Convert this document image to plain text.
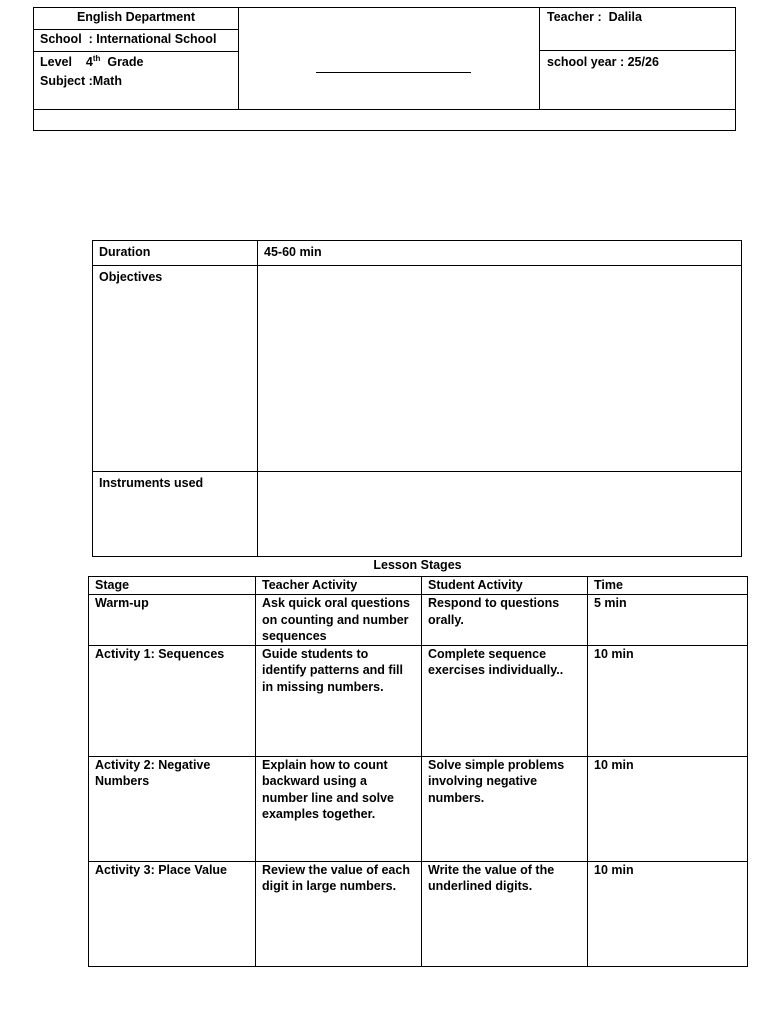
English Department
School  : International School
Level 4th Grade
Subject :Math
Teacher : Dalila
school year : 25/26
Duration	45-60 min
Objectives	
Instruments used	
Lesson Stages
Stage	Teacher Activity	Student Activity	Time
Warm-up	Ask quick oral questions on counting and number sequences	Respond to questions orally.	5 min
Activity 1: Sequences	Guide students to identify patterns and fill in missing numbers.	Complete sequence exercises individually..	10 min
Activity 2: Negative Numbers	Explain how to count backward using a number line and solve examples together.	Solve simple problems involving negative numbers.	10 min
Activity 3: Place Value	Review the value of each digit in large numbers.	Write the value of the underlined digits.	10 min
